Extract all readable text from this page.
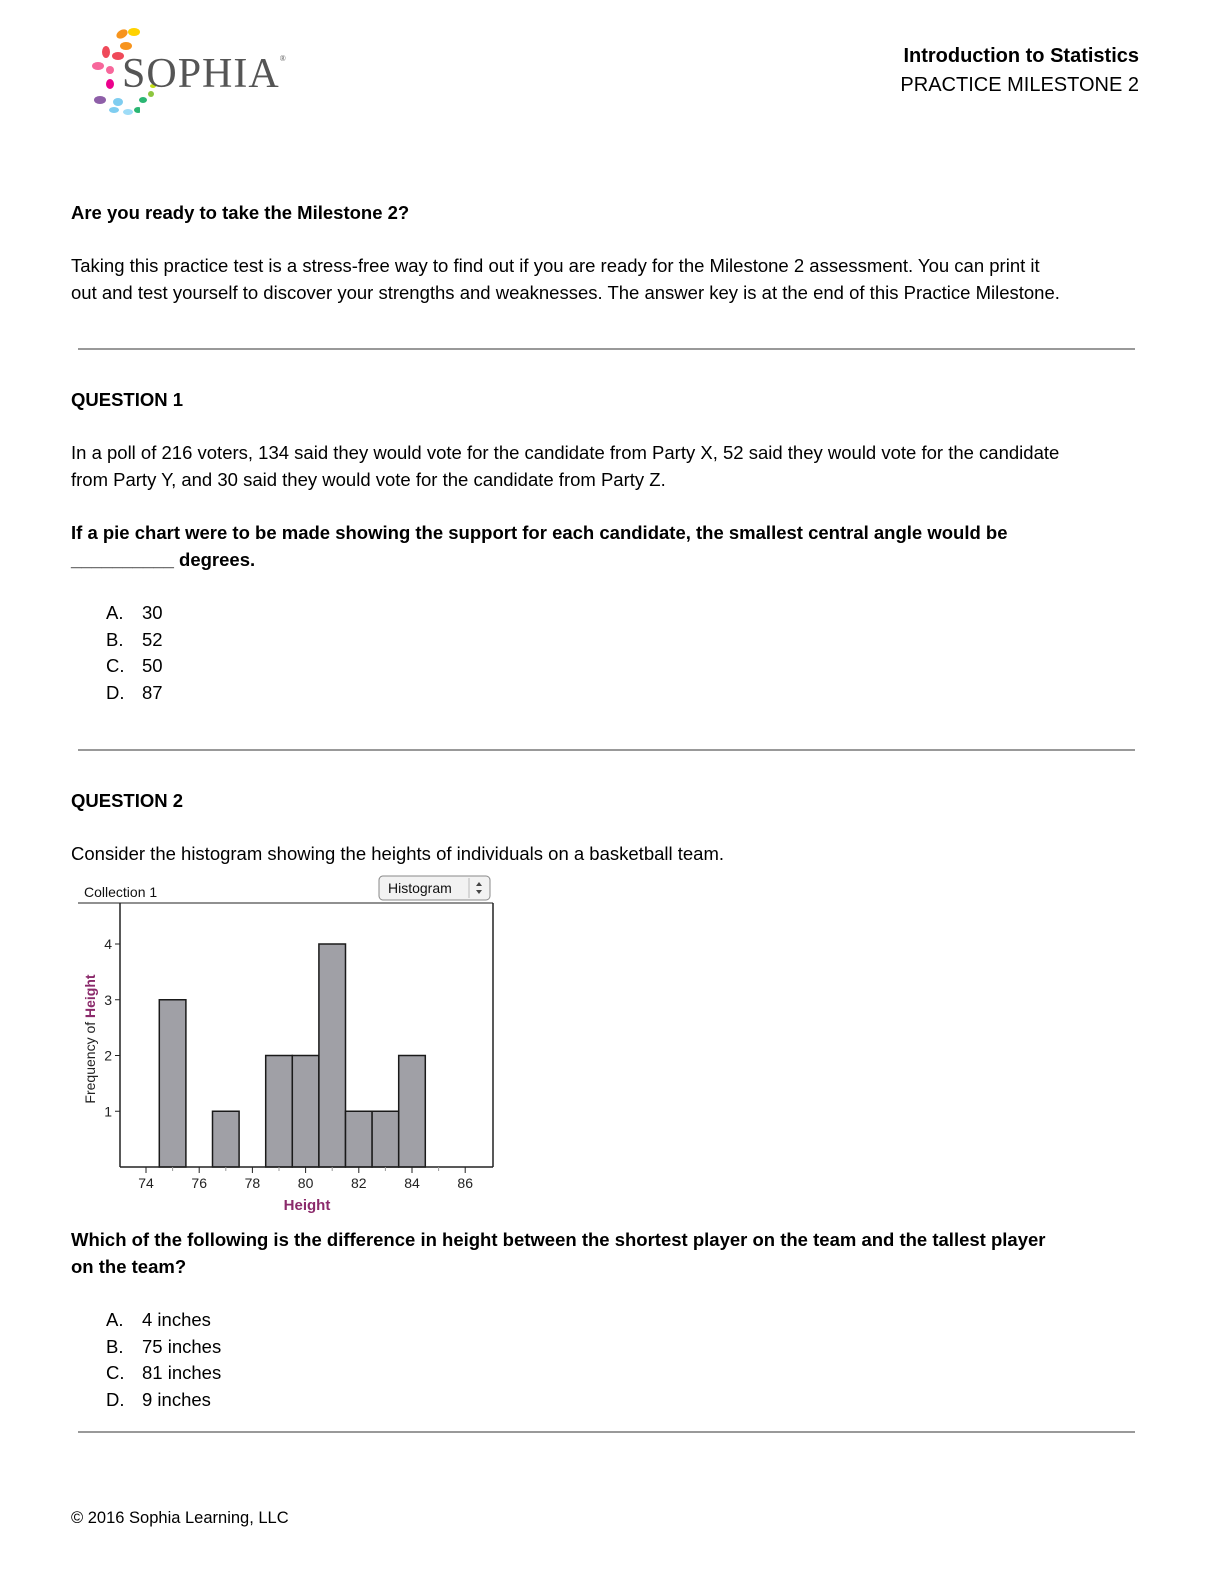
SOPHIA®	Introduction to Statistics
PRACTICE MILESTONE 2
Are you ready to take the Milestone 2?
Taking this practice test is a stress-free way to find out if you are ready for the Milestone 2 assessment. You can print it
out and test yourself to discover your strengths and weaknesses. The answer key is at the end of this Practice Milestone.
QUESTION 1
In a poll of 216 voters, 134 said they would vote for the candidate from Party X, 52 said they would vote for the candidate
from Party Y, and 30 said they would vote for the candidate from Party Z.
If a pie chart were to be made showing the support for each candidate, the smallest central angle would be
__________ degrees.
A.	30
B.	52
C. 50
D. 87
QUESTION 2
Consider the histogram showing the heights of individuals on a basketball team.
Collection 1	Histogram
74	76	78	80	82	84	86
1
2
3
4
Height
Frequency of Height
Which of the following is the difference in height between the shortest player on the team and the tallest player
on the team?
A.	4 inches
B.	75 inches
C. 81 inches
D. 9 inches
© 2016 Sophia Learning, LLC
